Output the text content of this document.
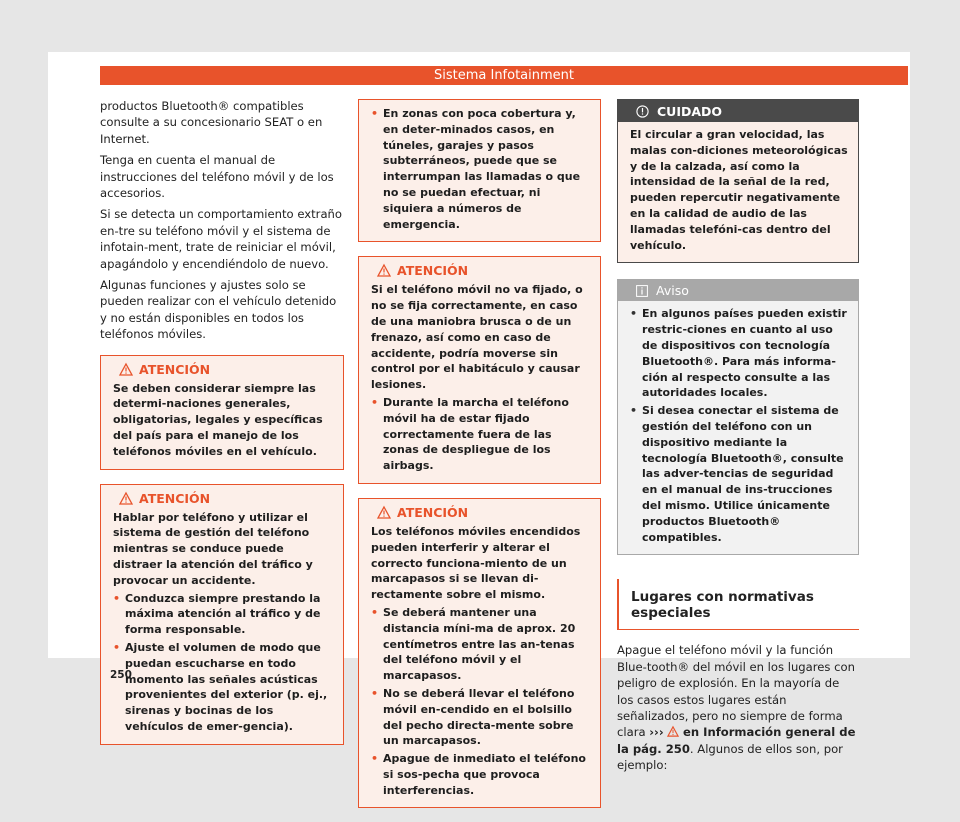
Sistema Infotainment

productos Bluetooth® compatibles consulte a su concesionario SEAT o en Internet.

Tenga en cuenta el manual de instrucciones del teléfono móvil y de los accesorios.

Si se detecta un comportamiento extraño en-tre su teléfono móvil y el sistema de infotain-ment, trate de reiniciar el móvil, apagándolo y encendiéndolo de nuevo.

Algunas funciones y ajustes solo se pueden realizar con el vehículo detenido y no están disponibles en todos los teléfonos móviles.

ATENCIÓN

Se deben considerar siempre las determi-naciones generales, obligatorias, legales y específicas del país para el manejo de los teléfonos móviles en el vehículo.

ATENCIÓN

Hablar por teléfono y utilizar el sistema de gestión del teléfono mientras se conduce puede distraer la atención del tráfico y provocar un accidente.

• Conduzca siempre prestando la máxima atención al tráfico y de forma responsable.
• Ajuste el volumen de modo que puedan escucharse en todo momento las señales acústicas provenientes del exterior (p. ej., sirenas y bocinas de los vehículos de emer-gencia).
• En zonas con poca cobertura y, en deter-minados casos, en túneles, garajes y pasos subterráneos, puede que se interrumpan las llamadas o que no se puedan efectuar, ni siquiera a números de emergencia.
ATENCIÓN

Si el teléfono móvil no va fijado, o no se fija correctamente, en caso de una maniobra brusca o de un frenazo, así como en caso de accidente, podría moverse sin control por el habitáculo y causar lesiones.

• Durante la marcha el teléfono móvil ha de estar fijado correctamente fuera de las zonas de despliegue de los airbags.
ATENCIÓN

Los teléfonos móviles encendidos pueden interferir y alterar el correcto funciona-miento de un marcapasos si se llevan di-rectamente sobre el mismo.

• Se deberá mantener una distancia míni-ma de aprox. 20 centímetros entre las an-tenas del teléfono móvil y el marcapasos.
• No se deberá llevar el teléfono móvil en-cendido en el bolsillo del pecho directa-mente sobre un marcapasos.
• Apague de inmediato el teléfono si sos-pecha que provoca interferencias.
CUIDADO

El circular a gran velocidad, las malas con-diciones meteorológicas y de la calzada, así como la intensidad de la señal de la red, pueden repercutir negativamente en la calidad de audio de las llamadas telefóni-cas dentro del vehículo.

Aviso
• En algunos países pueden existir restric-ciones en cuanto al uso de dispositivos con tecnología Bluetooth®. Para más informa-ción al respecto consulte a las autoridades locales.
• Si desea conectar el sistema de gestión del teléfono con un dispositivo mediante la tecnología Bluetooth®, consulte las adver-tencias de seguridad en el manual de ins-trucciones del mismo. Utilice únicamente productos Bluetooth® compatibles.
Lugares con normativas especiales

Apague el teléfono móvil y la función Blue-tooth® del móvil en los lugares con peligro de explosión. En la mayoría de los casos estos lugares están señalizados, pero no siempre de forma clara ››› en Información general de la pág. 250. Algunos de ellos son, por ejemplo:

250
